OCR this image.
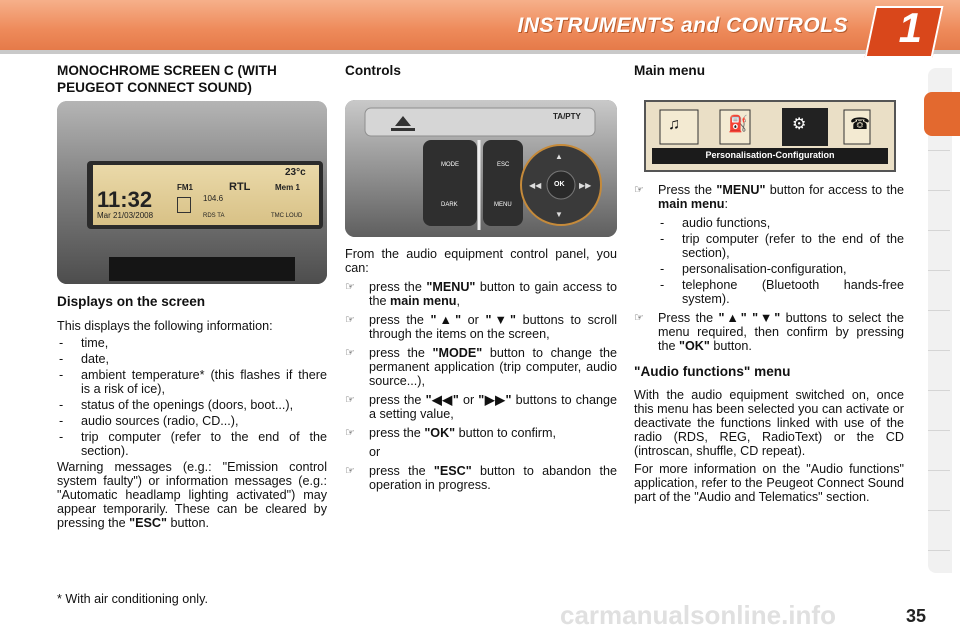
INSTRUMENTS and CONTROLS 1
MONOCHROME SCREEN C (WITH PEUGEOT CONNECT SOUND)
11:32
Mar 21/03/2008
FM1	RTL
104.6
Mem 1
23°c
RDS TA	TMC LOUD
Displays on the screen

This displays the following information:

- time,
- date,
- ambient temperature* (this flashes if there is a risk of ice),
- status of the openings (doors, boot...),
- audio sources (radio, CD...),
- trip computer (refer to the end of the section).

Warning messages (e.g.: "Emission control system faulty") or information messages (e.g.: "Automatic headlamp lighting activated") may appear temporarily. These can be cleared by pressing the "ESC" button.

* With air conditioning only.
Controls
TA/PTY
MODE
DARK
ESC
MENU
OK
▲
▼
◀◀	▶▶

From the audio equipment control panel, you can:

☞ press the "MENU" button to gain access to the main menu,
☞ press the "▲" or "▼" buttons to scroll through the items on the screen,
☞ press the "MODE" button to change the permanent application (trip computer, audio source...),
☞ press the "◀◀" or "▶▶" buttons to change a setting value,
☞ press the "OK" button to confirm,
or
☞ press the "ESC" button to abandon the operation in progress.
Main menu
Personalisation-Configuration
♫	⛽	⚙	☎
☞ Press the "MENU" button for access to the main menu:
- audio functions,
- trip computer (refer to the end of the section),
- personalisation-configuration,
- telephone (Bluetooth hands-free system).
☞ Press the "▲" "▼" buttons to select the menu required, then confirm by pressing the "OK" button.
"Audio functions" menu

With the audio equipment switched on, once this menu has been selected you can activate or deactivate the functions linked with use of the radio (RDS, REG, RadioText) or the CD (introscan, shuffle, CD repeat).

For more information on the "Audio functions" application, refer to the Peugeot Connect Sound part of the "Audio and Telematics" section.

carmanualsonline.info	35
